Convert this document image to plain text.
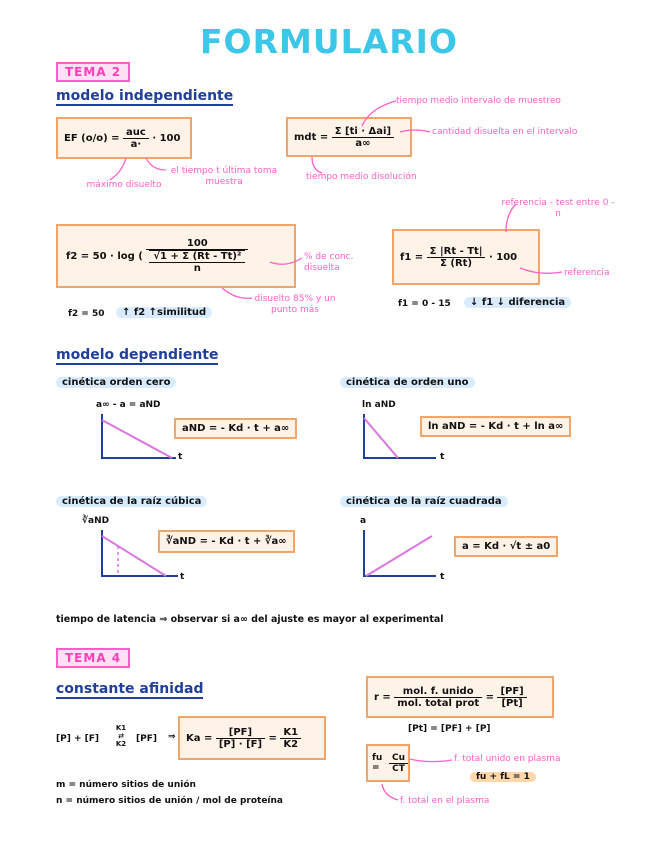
FORMULARIO
TEMA 2
modelo independiente
EF (o/o) =
$\frac{\text{auc}}{a\cdot}$
· 100
máximo disuelto
el tiempo t última toma muestra
mdt =
$\frac{\text{Σ [ti · Δai]}}{a\infty}$
tiempo medio intervalo de muestreo
cantidad disuelta en el intervalo
tiempo medio disolución
f2 = 50 · log (
100
√1 + Σ (Rt - Tt)²
n	% de conc. disuelta
disuelto 85% y un punto más
f2 = 50	↑ f2 ↑similitud
f1 =
$\frac{\Sigma |Rt - Tt|}{\Sigma (Rt)}$
· 100
referencia - test entre 0 - n
referencia
f1 = 0 - 15	↓ f1 ↓ diferencia
modelo dependiente
cinética orden cero
a∞ - a = aND
aND = - Kd · t + a∞
cinética de orden uno
ln aND
ln aND = - Kd · t + ln a∞
cinética de la raíz cúbica
∛aND
∛aND = - Kd · t + ∛a∞
cinética de la raíz cuadrada
a
a = Kd · √t ± a0
t	t
t	t
tiempo de latencia ⇒ observar si a∞ del ajuste es mayor al experimental
TEMA 4
constante afinidad
[P] + [F]
K1
⇄
K2	[PF] ⇒ Ka =
$\frac{[PF]}{[P] \cdot [F]} = \frac{K1}{K2}$
r =
$\frac{\text{mol. f. unido}}{\text{mol. total prot}} = \frac{[PF]}{[Pt]}$
[Pt] = [PF] + [P]
fu =	$\frac{Cu}{CT}$	f. total unido en plasma
f. total en el plasma
fu + fL = 1
m = número sitios de unión
n = número sitios de unión / mol de proteína
